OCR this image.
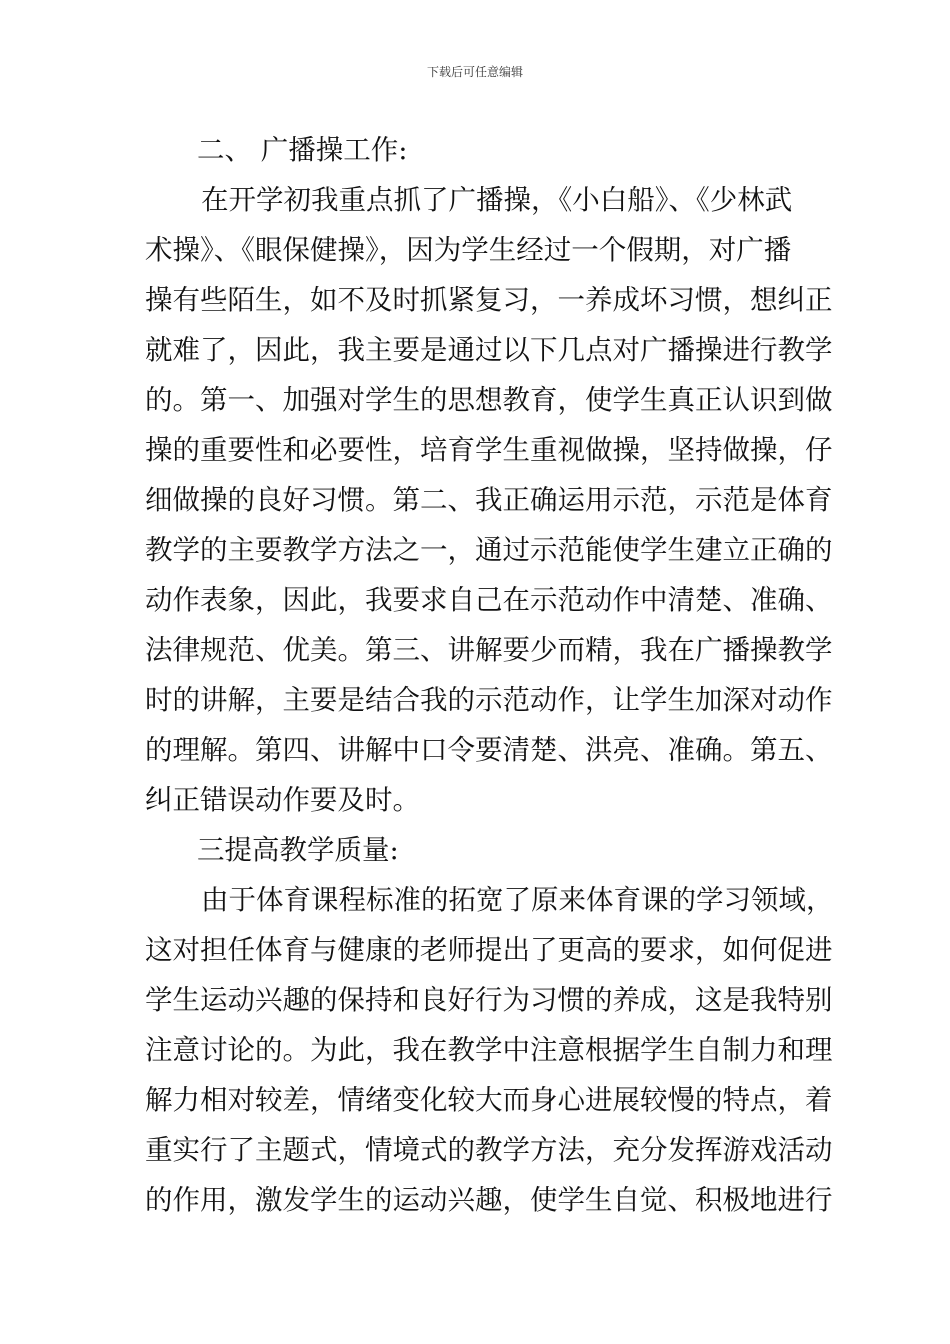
下载后可任意编辑
二、 广播操工作:
在开学初我重点抓了广播操，《小白船》、《少林武
术操》、《眼保健操》，因为学生经过一个假期，对广播
操有些陌生，如不及时抓紧复习，一养成坏习惯，想纠正
就难了，因此，我主要是通过以下几点对广播操进行教学
的。第一、加强对学生的思想教育，使学生真正认识到做
操的重要性和必要性，培育学生重视做操，坚持做操，仔
细做操的良好习惯。第二、我正确运用示范，示范是体育
教学的主要教学方法之一，通过示范能使学生建立正确的
动作表象，因此，我要求自己在示范动作中清楚、准确、
法律规范、优美。第三、讲解要少而精，我在广播操教学
时的讲解，主要是结合我的示范动作，让学生加深对动作
的理解。第四、讲解中口令要清楚、洪亮、准确。第五、
纠正错误动作要及时。
三提高教学质量:
由于体育课程标准的拓宽了原来体育课的学习领域，
这对担任体育与健康的老师提出了更高的要求，如何促进
学生运动兴趣的保持和良好行为习惯的养成，这是我特别
注意讨论的。为此，我在教学中注意根据学生自制力和理
解力相对较差，情绪变化较大而身心进展较慢的特点，着
重实行了主题式，情境式的教学方法，充分发挥游戏活动
的作用，激发学生的运动兴趣，使学生自觉、积极地进行
